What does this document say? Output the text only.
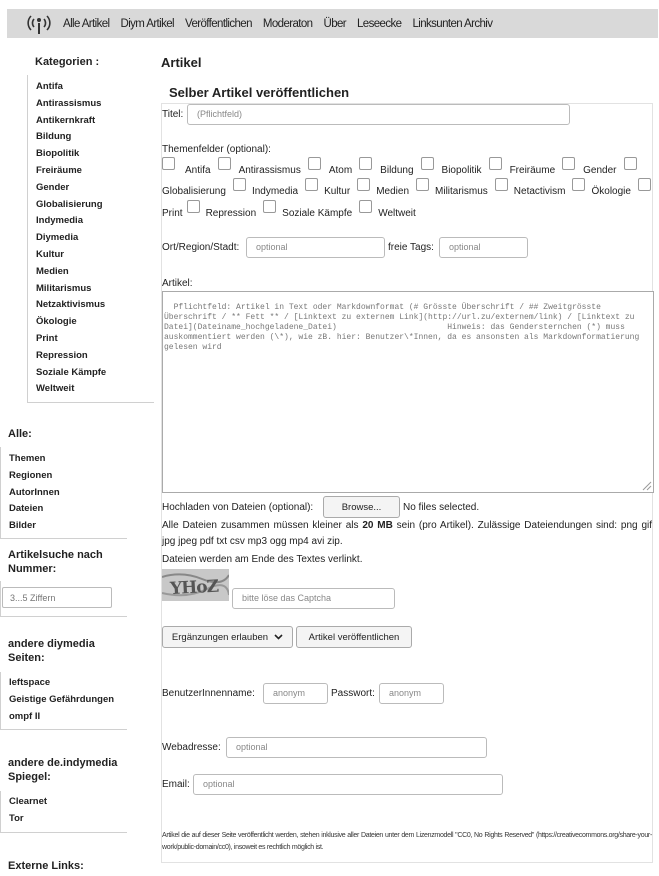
Alle Artikel Diym Artikel Veröffentlichen Moderaton Über Leseecke Linksunten Archiv
Kategorien :
Antifa
Antirassismus
Antikernkraft
Bildung
Biopolitik
Freiräume
Gender
Globalisierung
Indymedia
Diymedia
Kultur
Medien
Militarismus
Netzaktivismus
Ökologie
Print
Repression
Soziale Kämpfe
Weltweit
Alle:
Themen
Regionen
AutorInnen
Dateien
Bilder
Artikelsuche nach Nummer:
3...5 Ziffern
andere diymedia Seiten:
leftspace
Geistige Gefährdungen
ompf II
andere de.indymedia Spiegel:
Clearnet
Tor
Externe Links:
Artikel
Selber Artikel veröffentlichen
Titel:	(Pflichtfeld)
Themenfelder (optional):
Antifa	Antirassismus	Atom	Bildung	Biopolitik	Freiräume	Gender
Globalisierung	Indymedia	Kultur	Medien	Militarismus	Netactivism	Ökologie
Print Repression	Soziale Kämpfe	Weltweit
Ort/Region/Stadt:	optional	freie Tags:	optional
Artikel:

Pflichtfeld: Artikel in Text oder Markdownformat (# Grösste Überschrift / ## Zweitgrösste Überschrift / ** Fett ** / [Linktext zu externem Link](http://url.zu/externem/link) / [Linktext zu Datei](Dateiname_hochgeladene_Datei)                       Hinweis: das Gendersternchen (*) muss auskommentiert werden (\*), wie zB. hier: Benutzer\*Innen, da es ansonsten als Markdownformatierung gelesen wird

Hochladen von Dateien (optional):	Browse...	No files selected.
Alle Dateien zusammen müssen kleiner als 20 MB sein (pro Artikel). Zulässige Dateiendungen sind: png gif jpg jpeg pdf txt csv mp3 ogg mp4 avi zip.
Dateien werden am Ende des Textes verlinkt.
YHoZ	bitte löse das Captcha
Ergänzungen erlauben	Artikel veröffentlichen
BenutzerInnenname:	anonym	Passwort:	anonym
Webadresse:	optional
Email:	optional
Artikel die auf dieser Seite veröffentlicht werden, stehen inklusive aller Dateien unter dem Lizenzmodell "CC0, No Rights Reserved" (https://creativecommons.org/share-your-work/public-domain/cc0), insoweit es rechtlich möglich ist.
